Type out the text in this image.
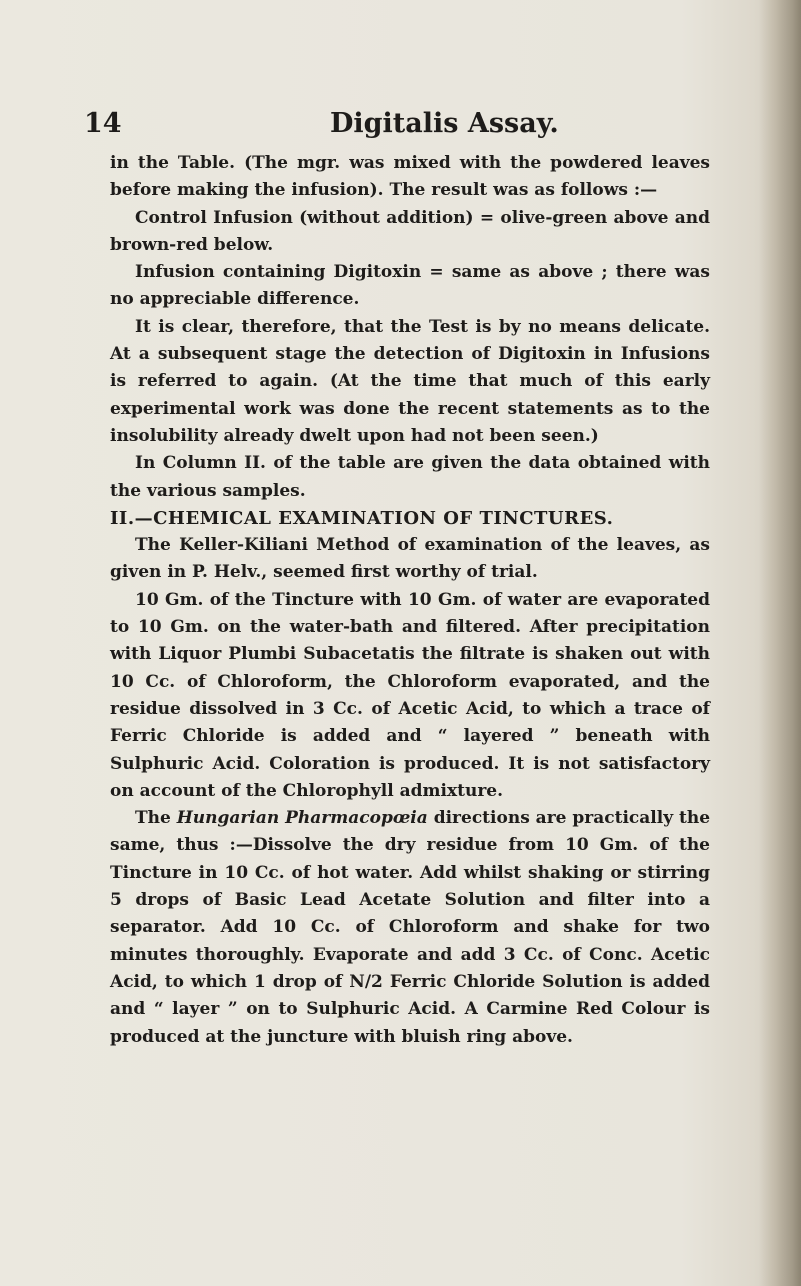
14	Digitalis Assay.

in the Table. (The mgr. was mixed with the powdered leaves before making the infusion). The result was as follows :—

Control Infusion (without addition) = olive-green above and brown-red below.

Infusion containing Digitoxin = same as above ; there was no appreciable difference.

It is clear, therefore, that the Test is by no means delicate. At a subsequent stage the detection of Digitoxin in Infusions is referred to again. (At the time that much of this early experimental work was done the recent statements as to the insolubility already dwelt upon had not been seen.)

In Column II. of the table are given the data obtained with the various samples.

II.—CHEMICAL EXAMINATION OF TINCTURES.

The Keller-Kiliani Method of examination of the leaves, as given in P. Helv., seemed first worthy of trial.

10 Gm. of the Tincture with 10 Gm. of water are evaporated to 10 Gm. on the water-bath and filtered. After precipitation with Liquor Plumbi Subacetatis the filtrate is shaken out with 10 Cc. of Chloroform, the Chloroform evaporated, and the residue dissolved in 3 Cc. of Acetic Acid, to which a trace of Ferric Chloride is added and “ layered ” beneath with Sulphuric Acid. Coloration is produced. It is not satisfactory on account of the Chlorophyll admixture.

The Hungarian Pharmacopœia directions are practically the same, thus :—Dissolve the dry residue from 10 Gm. of the Tincture in 10 Cc. of hot water. Add whilst shaking or stirring 5 drops of Basic Lead Acetate Solution and filter into a separator. Add 10 Cc. of Chloroform and shake for two minutes thoroughly. Evaporate and add 3 Cc. of Conc. Acetic Acid, to which 1 drop of N/2 Ferric Chloride Solution is added and “ layer ” on to Sulphuric Acid. A Carmine Red Colour is produced at the juncture with bluish ring above.
